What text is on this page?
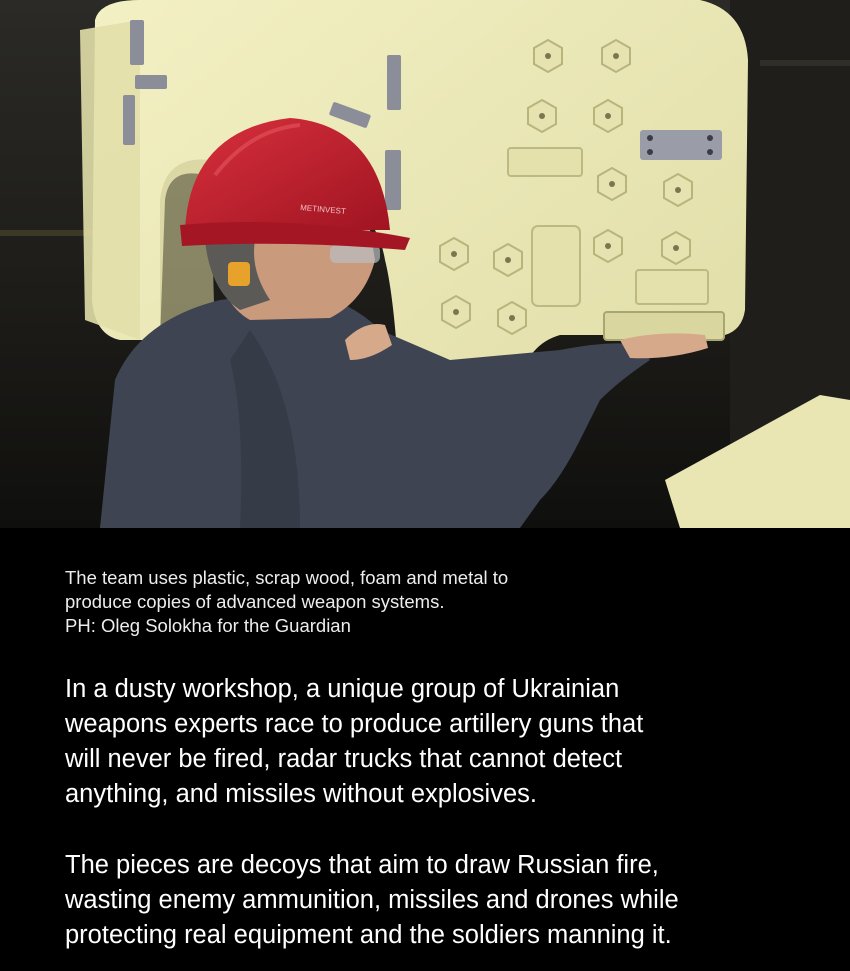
METINVEST
The team uses plastic, scrap wood, foam and metal to
produce copies of advanced weapon systems.
PH: Oleg Solokha for the Guardian
In a dusty workshop, a unique group of Ukrainian
weapons experts race to produce artillery guns that
will never be fired, radar trucks that cannot detect
anything, and missiles without explosives.
The pieces are decoys that aim to draw Russian fire,
wasting enemy ammunition, missiles and drones while
protecting real equipment and the soldiers manning it.
